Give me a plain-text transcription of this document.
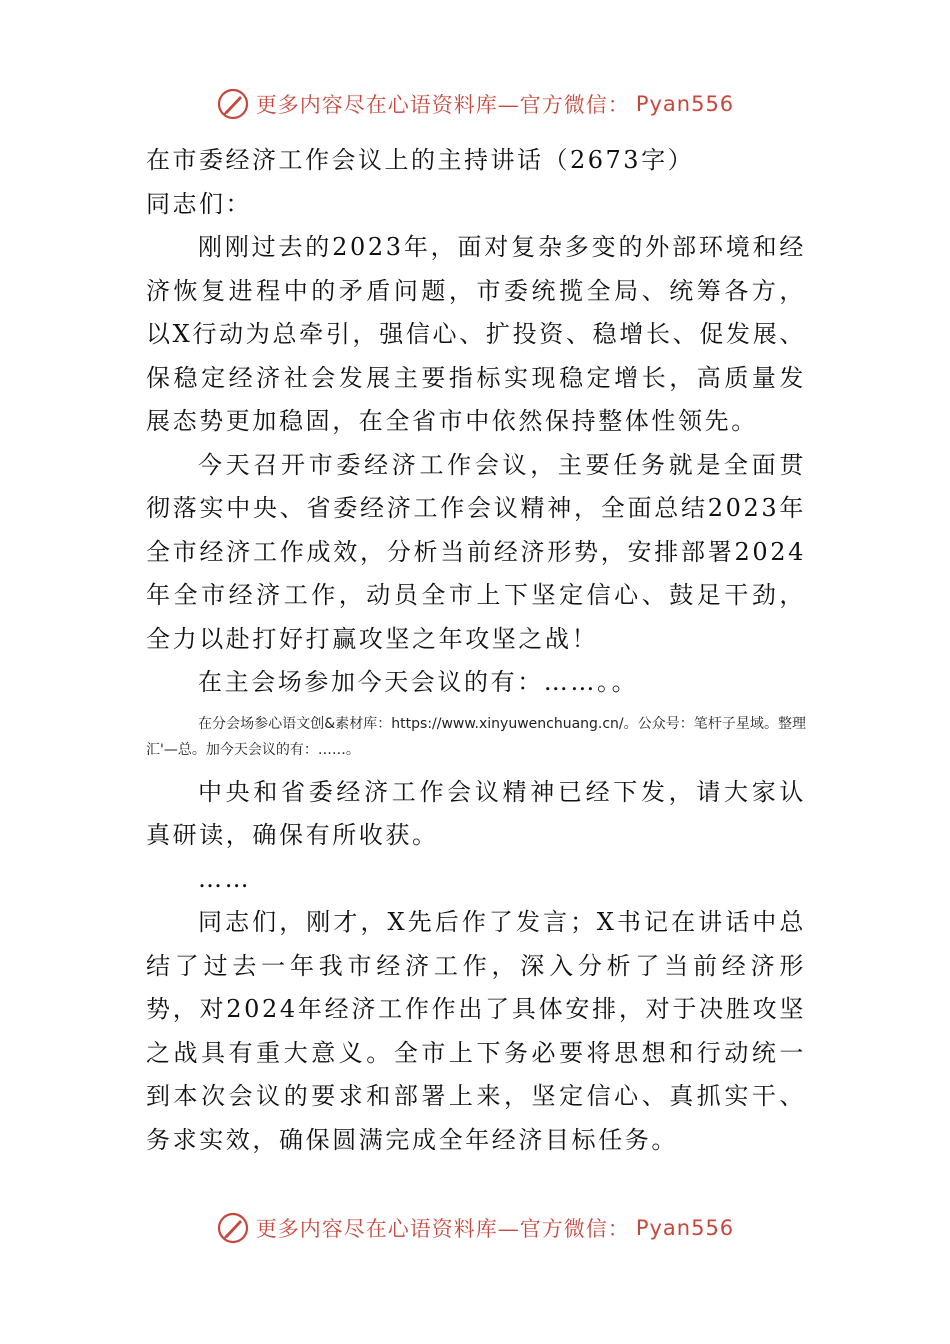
更多内容尽在心语资料库—官方微信： Pyan556
在市委经济工作会议上的主持讲话（2673字）
同志们：

刚刚过去的2023年，面对复杂多变的外部环境和经济恢复进程中的矛盾问题，市委统揽全局、统筹各方，以X行动为总牵引，强信心、扩投资、稳增长、促发展、保稳定经济社会发展主要指标实现稳定增长，高质量发展态势更加稳固，在全省市中依然保持整体性领先。

今天召开市委经济工作会议，主要任务就是全面贯彻落实中央、省委经济工作会议精神，全面总结2023年全市经济工作成效，分析当前经济形势，安排部署2024年全市经济工作，动员全市上下坚定信心、鼓足干劲，全力以赴打好打赢攻坚之年攻坚之战！

在主会场参加今天会议的有：……。。

在分会场参心语文创&素材库：https://www.xinyuwenchuang.cn/。公众号：笔杆子星域。整理汇'—总。加今天会议的有：……。

中央和省委经济工作会议精神已经下发，请大家认真研读，确保有所收获。

……

同志们，刚才，X先后作了发言；X书记在讲话中总结了过去一年我市经济工作，深入分析了当前经济形势，对2024年经济工作作出了具体安排，对于决胜攻坚之战具有重大意义。全市上下务必要将思想和行动统一到本次会议的要求和部署上来，坚定信心、真抓实干、务求实效，确保圆满完成全年经济目标任务。

更多内容尽在心语资料库—官方微信： Pyan556
